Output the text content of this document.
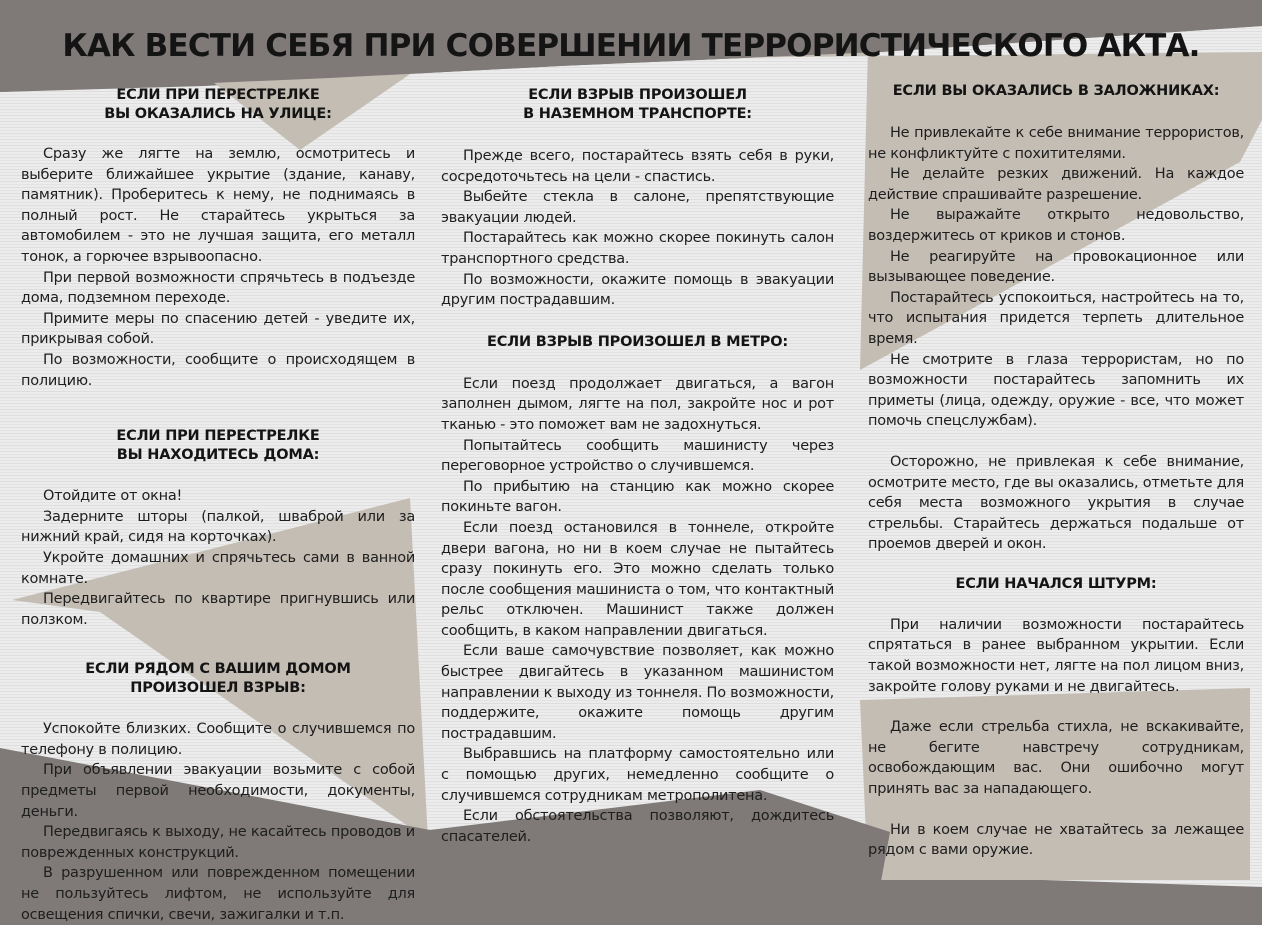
КАК ВЕСТИ СЕБЯ ПРИ СОВЕРШЕНИИ ТЕРРОРИСТИЧЕСКОГО АКТА.
ЕСЛИ ПРИ ПЕРЕСТРЕЛКЕ
ВЫ ОКАЗАЛИСЬ НА УЛИЦЕ:

Сразу же лягте на землю, осмотритесь и выберите ближайшее укрытие (здание, канаву, памятник). Проберитесь к нему, не поднимаясь в полный рост. Не старайтесь укрыться за автомобилем - это не лучшая защита, его металл тонок, а горючее взрывоопасно.

При первой возможности спрячьтесь в подъезде дома, подземном переходе.

Примите меры по спасению детей - уведите их, прикрывая собой.

По возможности, сообщите о происходящем в полицию.

ЕСЛИ ПРИ ПЕРЕСТРЕЛКЕ
ВЫ НАХОДИТЕСЬ ДОМА:

Отойдите от окна!

Задерните шторы (палкой, шваброй или за нижний край, сидя на корточках).

Укройте домашних и спрячьтесь сами в ванной комнате.

Передвигайтесь по квартире пригнувшись или ползком.

ЕСЛИ РЯДОМ С ВАШИМ ДОМОМ
ПРОИЗОШЕЛ ВЗРЫВ:

Успокойте близких. Сообщите о случившемся по телефону в полицию.

При объявлении эвакуации возьмите с собой предметы первой необходимости, документы, деньги.

Передвигаясь к выходу, не касайтесь проводов и поврежденных конструкций.

В разрушенном или поврежденном помещении не пользуйтесь лифтом, не используйте для освещения спички, свечи, зажигалки и т.п.

ЕСЛИ ВЗРЫВ ПРОИЗОШЕЛ
В НАЗЕМНОМ ТРАНСПОРТЕ:

Прежде всего, постарайтесь взять себя в руки, сосредоточьтесь на цели - спастись.

Выбейте стекла в салоне, препятствующие эвакуации людей.

Постарайтесь как можно скорее покинуть салон транспортного средства.

По возможности, окажите помощь в эвакуации другим пострадавшим.

ЕСЛИ ВЗРЫВ ПРОИЗОШЕЛ В МЕТРО:

Если поезд продолжает двигаться, а вагон заполнен дымом, лягте на пол, закройте нос и рот тканью - это поможет вам не задохнуться.

Попытайтесь сообщить машинисту через переговорное устройство о случившемся.

По прибытию на станцию как можно скорее покиньте вагон.

Если поезд остановился в тоннеле, откройте двери вагона, но ни в коем случае не пытайтесь сразу покинуть его. Это можно сделать только после сообщения машиниста о том, что контактный рельс отключен. Машинист также должен сообщить, в каком направлении двигаться.

Если ваше самочувствие позволяет, как можно быстрее двигайтесь в указанном машинистом направлении к выходу из тоннеля. По возможности, поддержите, окажите помощь другим пострадавшим.

Выбравшись на платформу самостоятельно или с помощью других, немедленно сообщите о случившемся сотрудникам метрополитена.

Если обстоятельства позволяют, дождитесь спасателей.

ЕСЛИ ВЫ ОКАЗАЛИСЬ В ЗАЛОЖНИКАХ:

Не привлекайте к себе внимание террористов, не конфликтуйте с похитителями.

Не делайте резких движений. На каждое действие спрашивайте разрешение.

Не выражайте открыто недовольство, воздержитесь от криков и стонов.

Не реагируйте на провокационное или вызывающее поведение.

Постарайтесь успокоиться, настройтесь на то, что испытания придется терпеть длительное время.

Не смотрите в глаза террористам, но по возможности постарайтесь запомнить их приметы (лица, одежду, оружие - все, что может помочь спецслужбам).

Осторожно, не привлекая к себе внимание, осмотрите место, где вы оказались, отметьте для себя места возможного укрытия в случае стрельбы. Старайтесь держаться подальше от проемов дверей и окон.

ЕСЛИ НАЧАЛСЯ ШТУРМ:

При наличии возможности постарайтесь спрятаться в ранее выбранном укрытии. Если такой возможности нет, лягте на пол лицом вниз, закройте голову руками и не двигайтесь.

Даже если стрельба стихла, не вскакивайте, не бегите навстречу сотрудникам, освобождающим вас. Они ошибочно могут принять вас за нападающего.

Ни в коем случае не хватайтесь за лежащее рядом с вами оружие.
